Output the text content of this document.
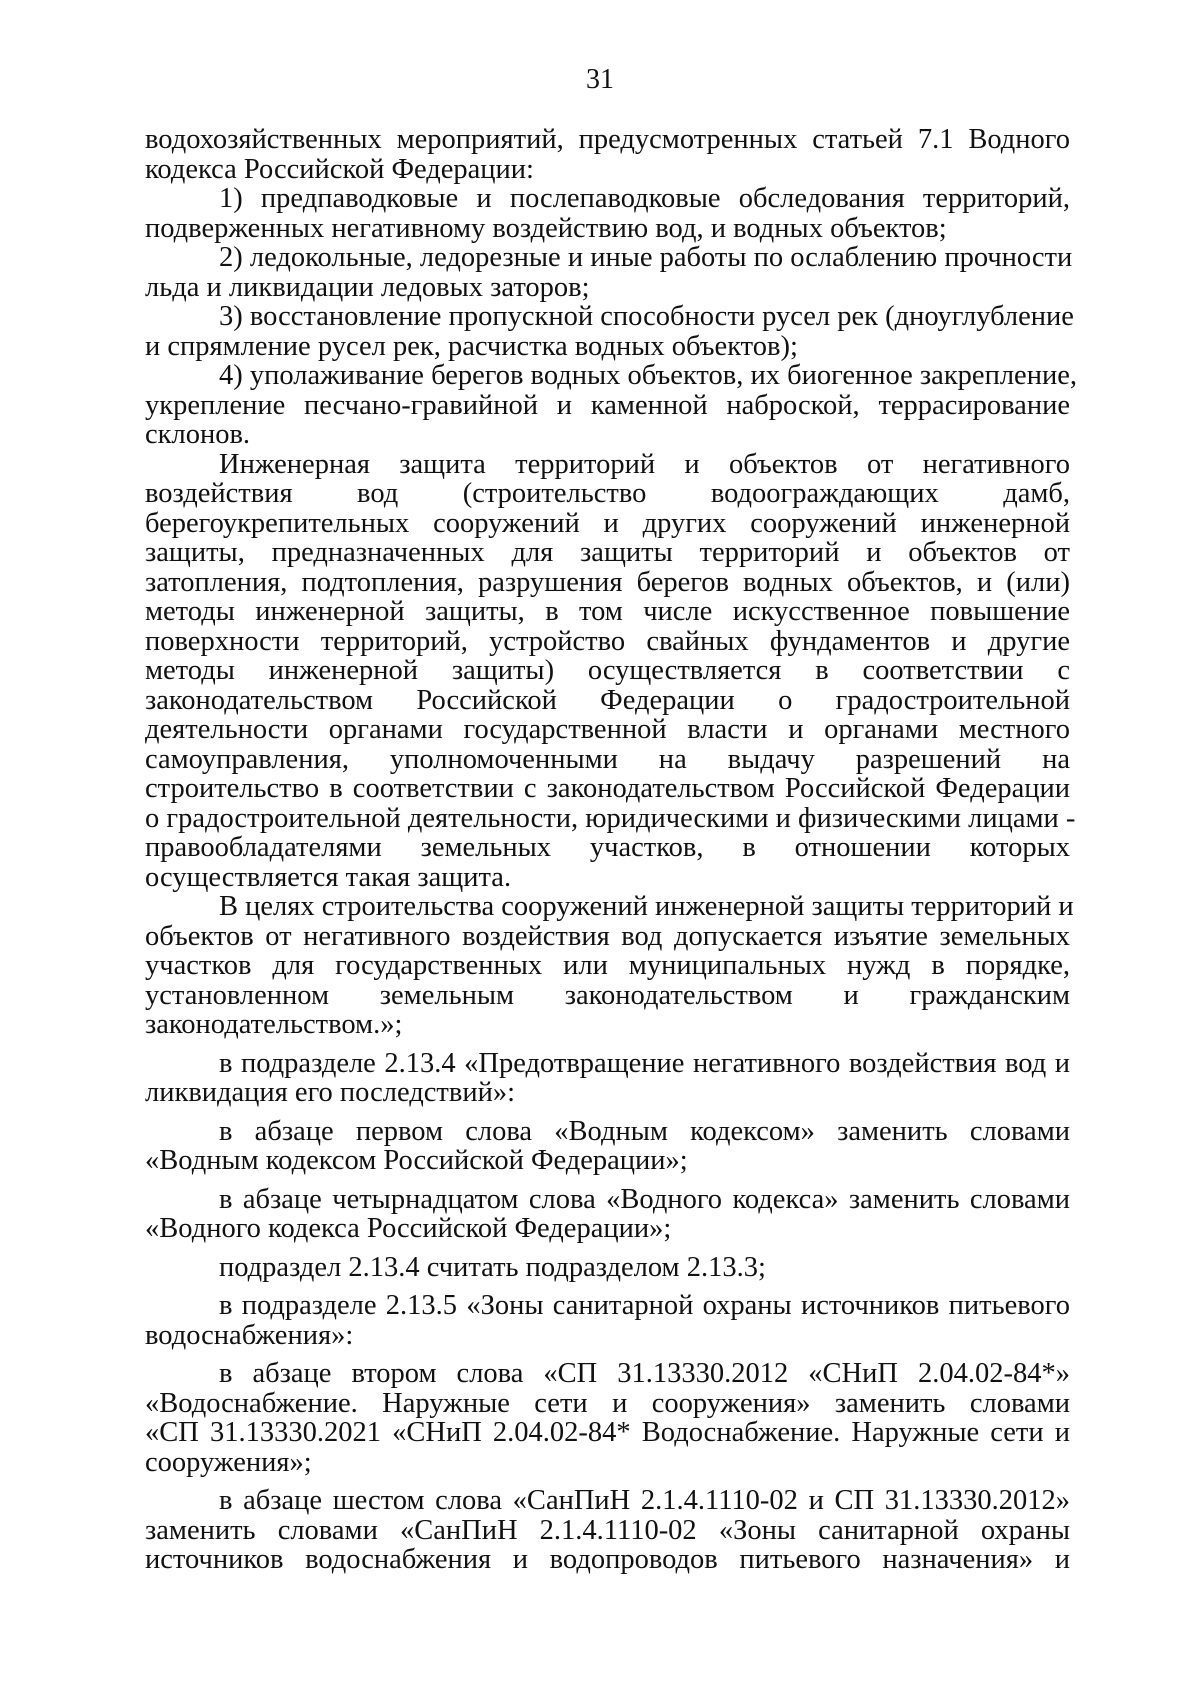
31
водохозяйственных мероприятий, предусмотренных статьей 7.1 Водного
кодекса Российской Федерации:
1) предпаводковые и послепаводковые обследования территорий,
подверженных негативному воздействию вод, и водных объектов;
2) ледокольные, ледорезные и иные работы по ослаблению прочности
льда и ликвидации ледовых заторов;
3) восстановление пропускной способности русел рек (дноуглубление
и спрямление русел рек, расчистка водных объектов);
4) уполаживание берегов водных объектов, их биогенное закрепление,
укрепление песчано-гравийной и каменной наброской, террасирование
склонов.
Инженерная защита территорий и объектов от негативного
воздействия вод (строительство водоограждающих дамб,
берегоукрепительных сооружений и других сооружений инженерной
защиты, предназначенных для защиты территорий и объектов от
затопления, подтопления, разрушения берегов водных объектов, и (или)
методы инженерной защиты, в том числе искусственное повышение
поверхности территорий, устройство свайных фундаментов и другие
методы инженерной защиты) осуществляется в соответствии с
законодательством Российской Федерации о градостроительной
деятельности органами государственной власти и органами местного
самоуправления, уполномоченными на выдачу разрешений на
строительство в соответствии с законодательством Российской Федерации
о градостроительной деятельности, юридическими и физическими лицами -
правообладателями земельных участков, в отношении которых
осуществляется такая защита.
В целях строительства сооружений инженерной защиты территорий и
объектов от негативного воздействия вод допускается изъятие земельных
участков для государственных или муниципальных нужд в порядке,
установленном земельным законодательством и гражданским
законодательством.»;
в подразделе 2.13.4 «Предотвращение негативного воздействия вод и
ликвидация его последствий»:
в абзаце первом слова «Водным кодексом» заменить словами
«Водным кодексом Российской Федерации»;
в абзаце четырнадцатом слова «Водного кодекса» заменить словами
«Водного кодекса Российской Федерации»;
подраздел 2.13.4 считать подразделом 2.13.3;
в подразделе 2.13.5 «Зоны санитарной охраны источников питьевого
водоснабжения»:
в абзаце втором слова «СП 31.13330.2012 «СНиП 2.04.02-84*»
«Водоснабжение. Наружные сети и сооружения» заменить словами
«СП 31.13330.2021 «СНиП 2.04.02-84* Водоснабжение. Наружные сети и
сооружения»;
в абзаце шестом слова «СанПиН 2.1.4.1110-02 и СП 31.13330.2012»
заменить словами «СанПиН 2.1.4.1110-02 «Зоны санитарной охраны
источников водоснабжения и водопроводов питьевого назначения» и
